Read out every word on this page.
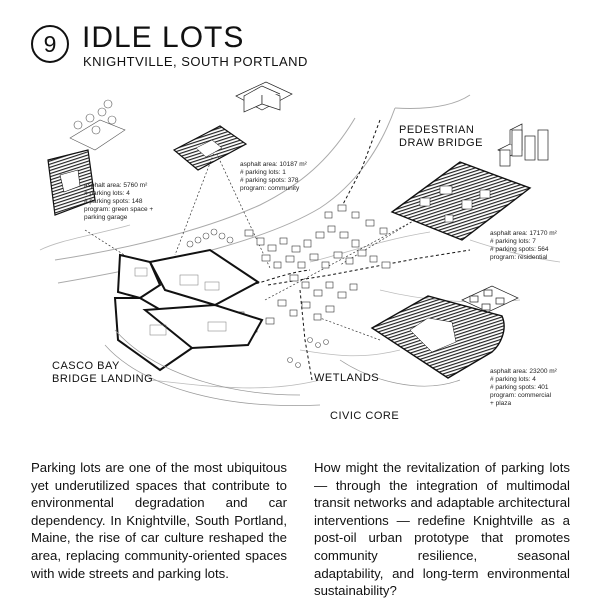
9 IDLE LOTS
KNIGHTVILLE, SOUTH PORTLAND
PEDESTRIAN
DRAW BRIDGE
CASCO BAY
BRIDGE LANDING	WETLANDS
CIVIC CORE
asphalt area: 5760 m²
# parking lots: 4
# parking spots: 148
program: green space +
parking garage
asphalt area: 10187 m²
# parking lots: 1
# parking spots: 378
program: community
asphalt area: 17170 m²
# parking lots: 7
# parking spots: 564
program: residential
asphalt area: 23200 m²
# parking lots: 4
# parking spots: 401
program: commercial
+ plaza
Parking lots are one of the most ubiquitous yet underutilized spaces that contribute to environmental degradation and car dependency. In Knightville, South Portland, Maine, the rise of car culture reshaped the area, replacing community-oriented spaces with wide streets and parking lots.
How might the revitalization of parking lots — through the integration of multimodal transit networks and adaptable architectural interventions — redefine Knightville as a post-oil urban prototype that promotes community resilience, seasonal adaptability, and long-term environmental sustainability?
